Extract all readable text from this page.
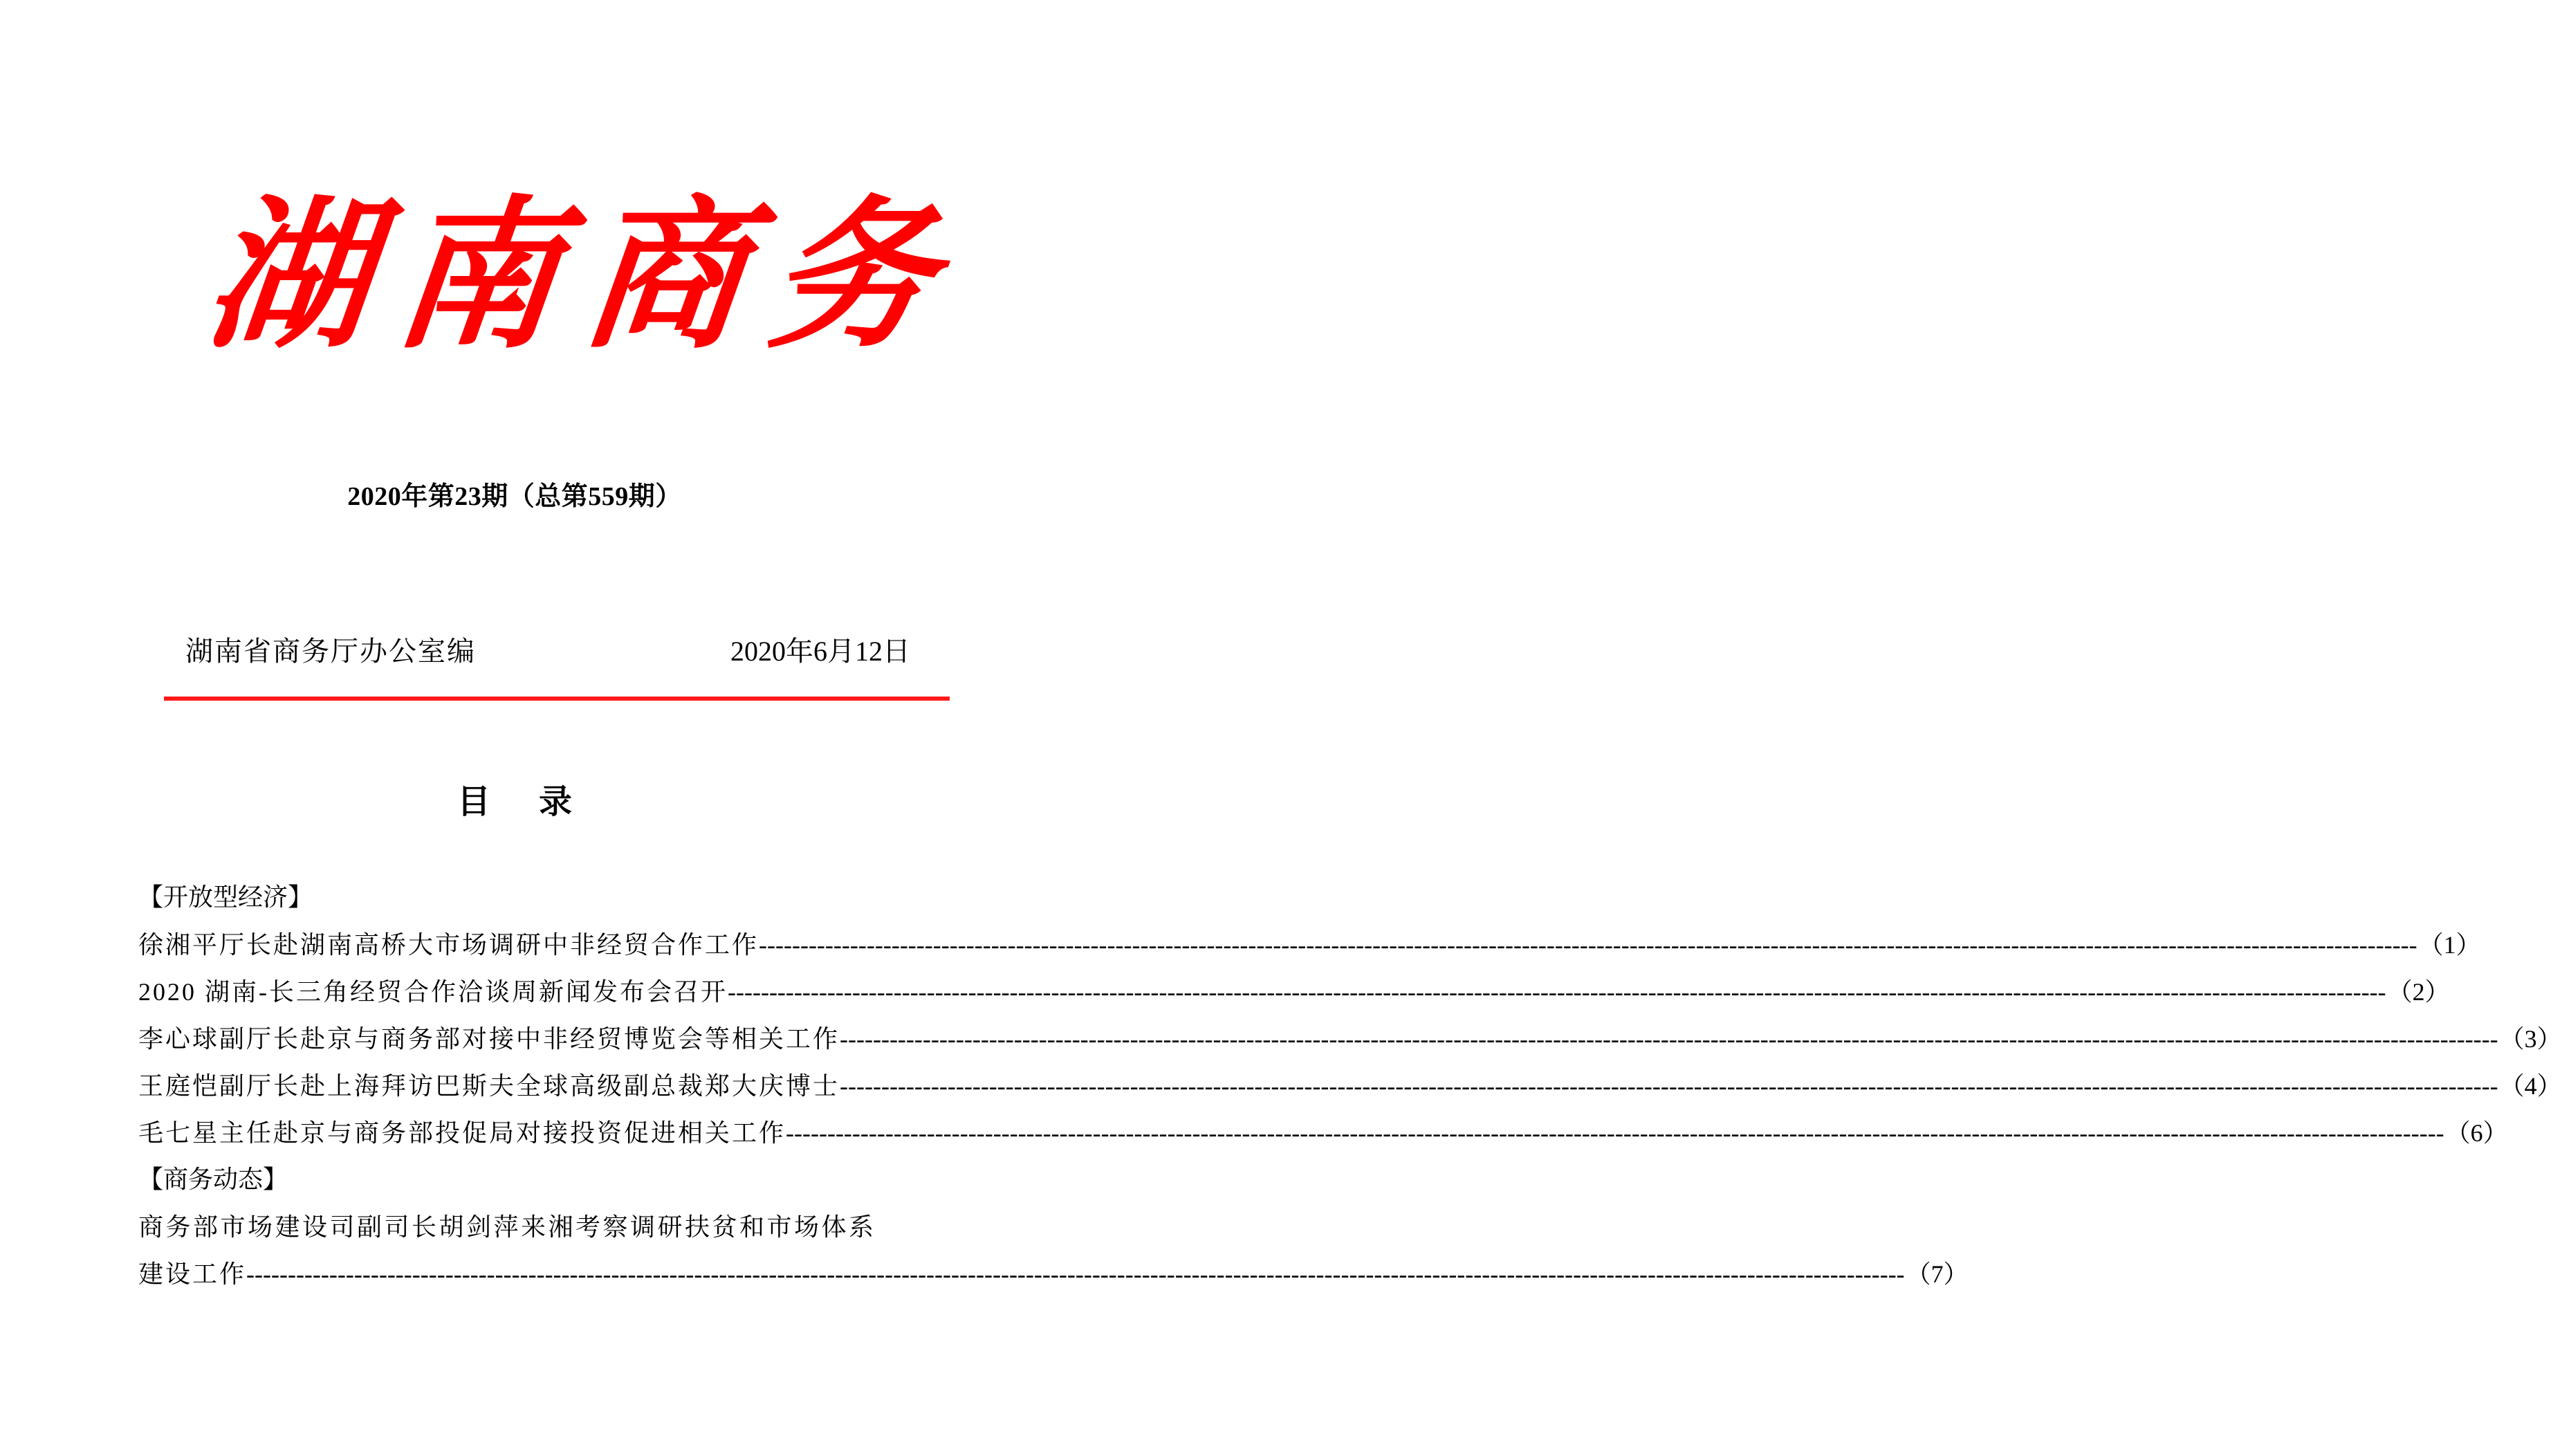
湖 南 商 务
2020年第23期（总第559期）
湖南省商务厅办公室编	2020年6月12日
目 录
【开放型经济】
徐湘平厅长赴湖南高桥大市场调研中非经贸合作工作 -------------------------------------------------------------------------------------------------------------------------------------------------------------------------------------------------------- （1）
2020 湖南-长三角经贸合作洽谈周新闻发布会召开 -------------------------------------------------------------------------------------------------------------------------------------------------------------------------------------------------------- （2）
李心球副厅长赴京与商务部对接中非经贸博览会等相关工作 -------------------------------------------------------------------------------------------------------------------------------------------------------------------------------------------------------- （3）
王庭恺副厅长赴上海拜访巴斯夫全球高级副总裁郑大庆博士 -------------------------------------------------------------------------------------------------------------------------------------------------------------------------------------------------------- （4）
毛七星主任赴京与商务部投促局对接投资促进相关工作 -------------------------------------------------------------------------------------------------------------------------------------------------------------------------------------------------------- （6）
【商务动态】
商务部市场建设司副司长胡剑萍来湘考察调研扶贫和市场体系
建设工作 -------------------------------------------------------------------------------------------------------------------------------------------------------------------------------------------------------- （7）
